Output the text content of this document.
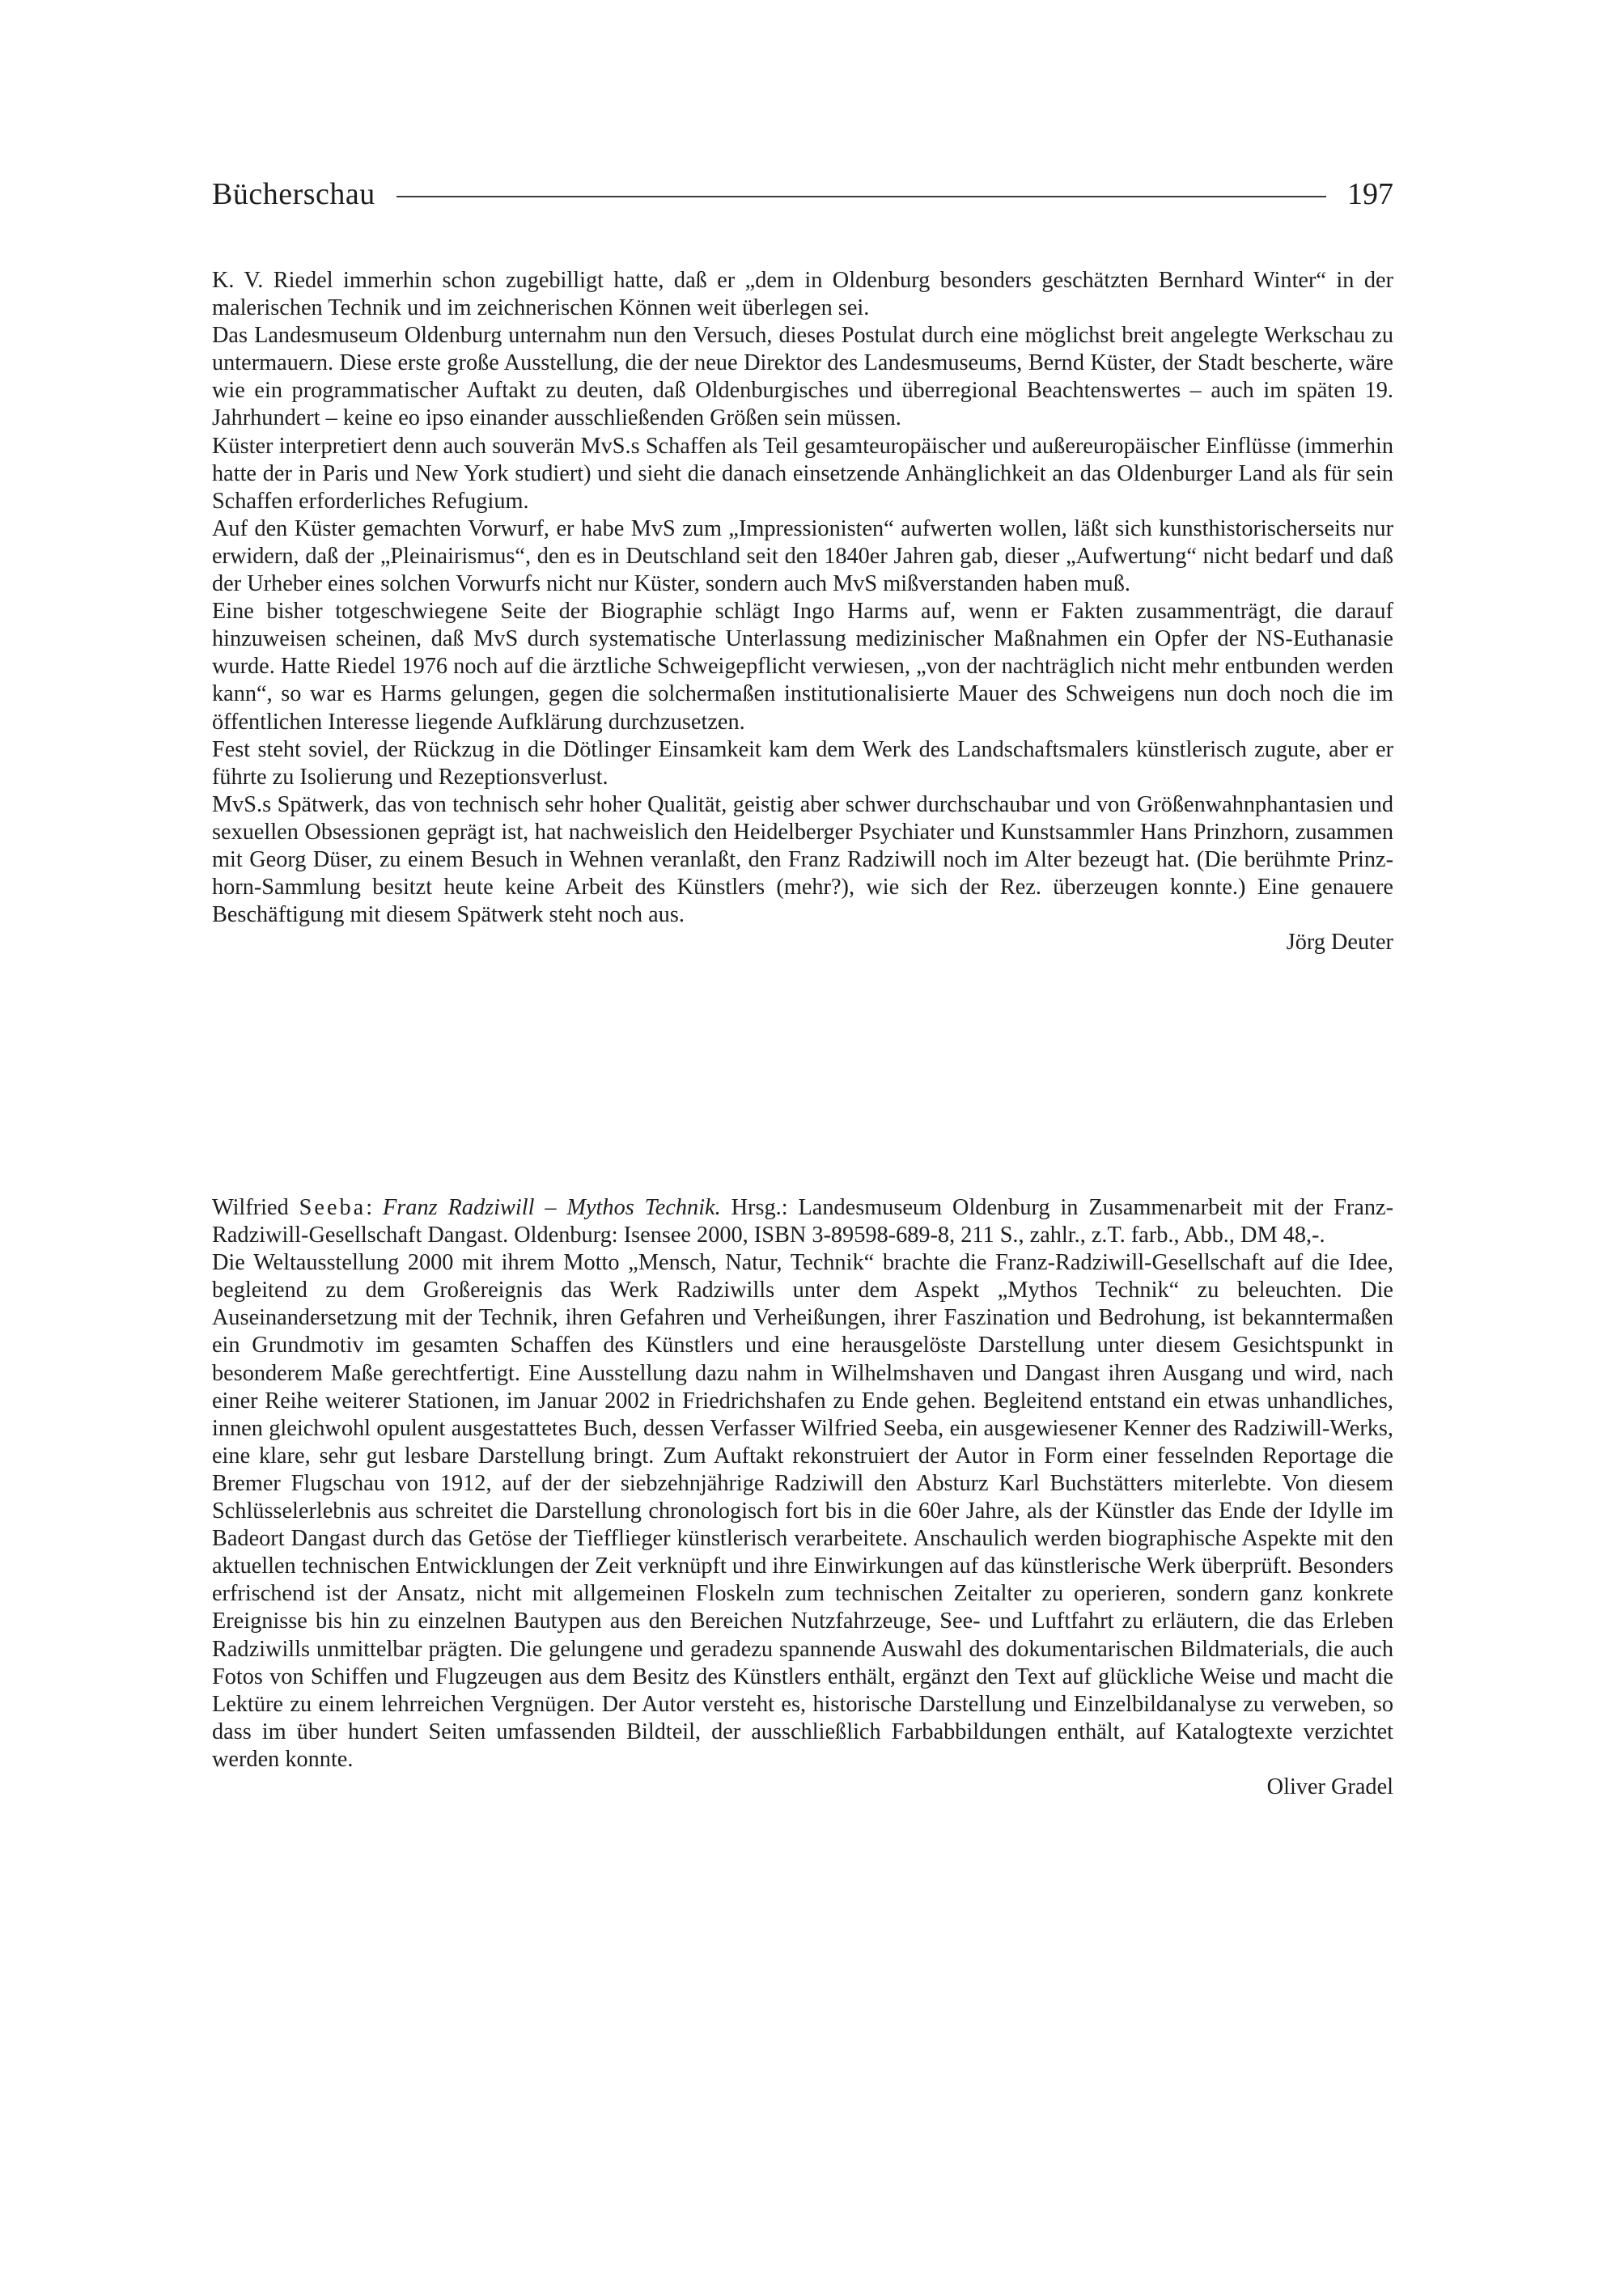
Bücherschau	197

K. V. Riedel immerhin schon zugebilligt hatte, daß er „dem in Oldenburg besonders geschätzten Bernhard Winter“ in der malerischen Technik und im zeichnerischen Können weit überlegen sei.

Das Landesmuseum Oldenburg unternahm nun den Versuch, dieses Postulat durch eine möglichst breit angelegte Werkschau zu untermauern. Diese erste große Ausstellung, die der neue Direktor des Landesmuseums, Bernd Küster, der Stadt bescherte, wäre wie ein programmatischer Auftakt zu deuten, daß Oldenburgisches und überregional Beachtenswertes – auch im späten 19. Jahrhundert – keine eo ipso einander ausschließenden Größen sein müssen.

Küster interpretiert denn auch souverän MvS.s Schaffen als Teil gesamteuropäischer und außereuropäischer Einflüsse (immerhin hatte der in Paris und New York studiert) und sieht die danach einsetzende Anhänglichkeit an das Oldenburger Land als für sein Schaffen erforderliches Refugium.

Auf den Küster gemachten Vorwurf, er habe MvS zum „Impressionisten“ aufwerten wollen, läßt sich kunsthistorischerseits nur erwidern, daß der „Pleinairismus“, den es in Deutschland seit den 1840er Jahren gab, dieser „Aufwertung“ nicht bedarf und daß der Urheber eines solchen Vorwurfs nicht nur Küster, sondern auch MvS mißverstanden haben muß.

Eine bisher totgeschwiegene Seite der Biographie schlägt Ingo Harms auf, wenn er Fakten zusammenträgt, die darauf hinzuweisen scheinen, daß MvS durch systematische Unterlassung medizinischer Maßnahmen ein Opfer der NS-Euthanasie wurde. Hatte Riedel 1976 noch auf die ärztliche Schweigepflicht verwiesen, „von der nachträglich nicht mehr entbunden werden kann“, so war es Harms gelungen, gegen die solchermaßen institutionalisierte Mauer des Schweigens nun doch noch die im öffentlichen Interesse liegende Aufklärung durchzusetzen.

Fest steht soviel, der Rückzug in die Dötlinger Einsamkeit kam dem Werk des Landschaftsmalers künstlerisch zugute, aber er führte zu Isolierung und Rezeptionsverlust.

MvS.s Spätwerk, das von technisch sehr hoher Qualität, geistig aber schwer durchschaubar und von Größenwahnphantasien und sexuellen Obsessionen geprägt ist, hat nachweislich den Heidelberger Psychiater und Kunstsammler Hans Prinzhorn, zusammen mit Georg Düser, zu einem Besuch in Wehnen veranlaßt, den Franz Radziwill noch im Alter bezeugt hat. (Die berühmte Prinzhorn-Sammlung besitzt heute keine Arbeit des Künstlers (mehr?), wie sich der Rez. überzeugen konnte.) Eine genauere Beschäftigung mit diesem Spätwerk steht noch aus.

Jörg Deuter

Wilfried Seeba: Franz Radziwill – Mythos Technik. Hrsg.: Landesmuseum Oldenburg in Zusammenarbeit mit der Franz-Radziwill-Gesellschaft Dangast. Oldenburg: Isensee 2000, ISBN 3-89598-689-8, 211 S., zahlr., z.T. farb., Abb., DM 48,-.

Die Weltausstellung 2000 mit ihrem Motto „Mensch, Natur, Technik“ brachte die Franz-Radziwill-Gesellschaft auf die Idee, begleitend zu dem Großereignis das Werk Radziwills unter dem Aspekt „Mythos Technik“ zu beleuchten. Die Auseinandersetzung mit der Technik, ihren Gefahren und Verheißungen, ihrer Faszination und Bedrohung, ist bekanntermaßen ein Grundmotiv im gesamten Schaffen des Künstlers und eine herausgelöste Darstellung unter diesem Gesichtspunkt in besonderem Maße gerechtfertigt. Eine Ausstellung dazu nahm in Wilhelmshaven und Dangast ihren Ausgang und wird, nach einer Reihe weiterer Stationen, im Januar 2002 in Friedrichshafen zu Ende gehen. Begleitend entstand ein etwas unhandliches, innen gleichwohl opulent ausgestattetes Buch, dessen Verfasser Wilfried Seeba, ein ausgewiesener Kenner des Radziwill-Werks, eine klare, sehr gut lesbare Darstellung bringt. Zum Auftakt rekonstruiert der Autor in Form einer fesselnden Reportage die Bremer Flugschau von 1912, auf der der siebzehnjährige Radziwill den Absturz Karl Buchstätters miterlebte. Von diesem Schlüsselerlebnis aus schreitet die Darstellung chronologisch fort bis in die 60er Jahre, als der Künstler das Ende der Idylle im Badeort Dangast durch das Getöse der Tiefflieger künstlerisch verarbeitete. Anschaulich werden biographische Aspekte mit den aktuellen technischen Entwicklungen der Zeit verknüpft und ihre Einwirkungen auf das künstlerische Werk überprüft. Besonders erfrischend ist der Ansatz, nicht mit allgemeinen Floskeln zum technischen Zeitalter zu operieren, sondern ganz konkrete Ereignisse bis hin zu einzelnen Bautypen aus den Bereichen Nutzfahrzeuge, See- und Luftfahrt zu erläutern, die das Erleben Radziwills unmittelbar prägten. Die gelungene und geradezu spannende Auswahl des dokumentarischen Bildmaterials, die auch Fotos von Schiffen und Flugzeugen aus dem Besitz des Künstlers enthält, ergänzt den Text auf glückliche Weise und macht die Lektüre zu einem lehrreichen Vergnügen. Der Autor versteht es, historische Darstellung und Einzelbildanalyse zu verweben, so dass im über hundert Seiten umfassenden Bildteil, der ausschließlich Farbabbildungen enthält, auf Katalogtexte verzichtet werden konnte.

Oliver Gradel
